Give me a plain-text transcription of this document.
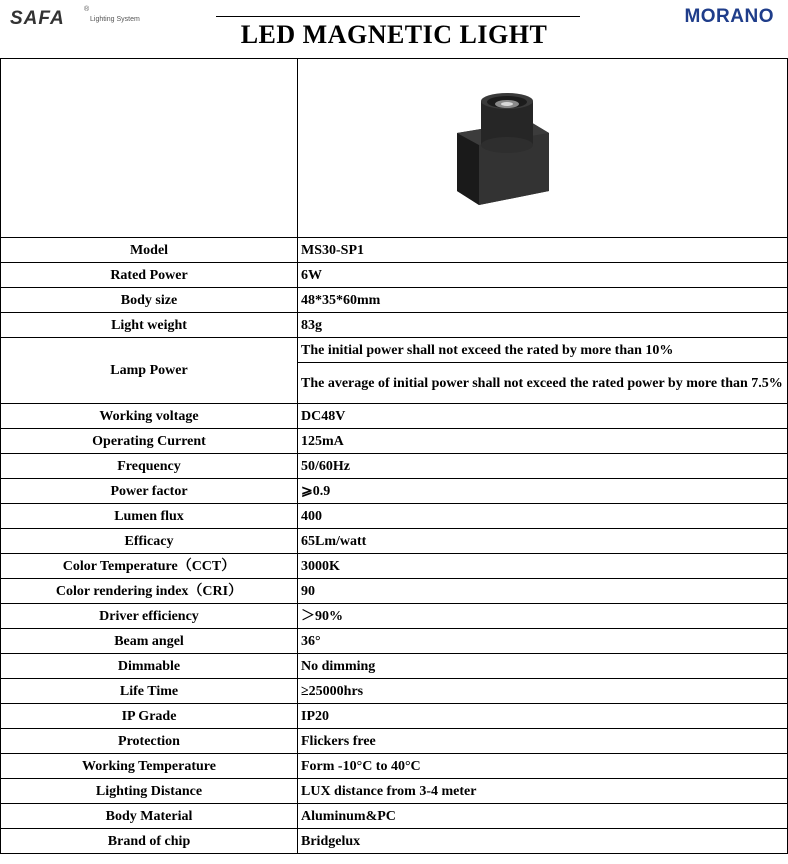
SAFA	®
Lighting System
LED MAGNETIC LIGHT
MORANO

Model	MS30-SP1
Rated Power	6W
Body size	48*35*60mm
Light weight	83g
Lamp Power	The initial power shall not exceed the rated by more than 10%
	The average of initial power shall not exceed the rated power by more than 7.5%
Working voltage	DC48V
Operating Current	125mA
Frequency	50/60Hz
Power factor	⩾0.9
Lumen flux	400
Efficacy	65Lm/watt
Color Temperature（CCT）	3000K
Color rendering index（CRI）	90
Driver efficiency	＞90%
Beam angel	36°
Dimmable	No dimming
Life Time	≥25000hrs
IP Grade	IP20
Protection	Flickers free
Working Temperature	Form -10°C to 40°C
Lighting Distance	LUX distance from 3-4 meter
Body Material	Aluminum&PC
Brand of chip	Bridgelux
